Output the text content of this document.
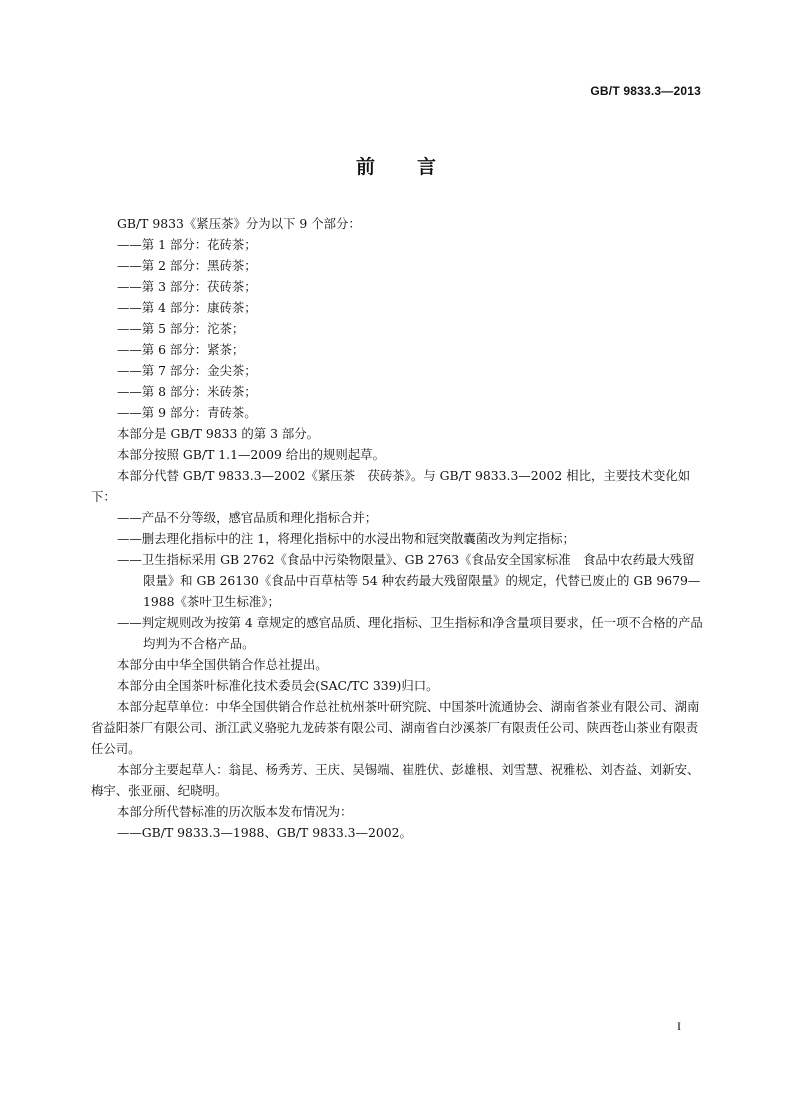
GB/T 9833.3—2013
前言

GB/T 9833《紧压茶》分为以下 9 个部分：

——第 1 部分：花砖茶；

——第 2 部分：黑砖茶；

——第 3 部分：茯砖茶；

——第 4 部分：康砖茶；

——第 5 部分：沱茶；

——第 6 部分：紧茶；

——第 7 部分：金尖茶；

——第 8 部分：米砖茶；

——第 9 部分：青砖茶。

本部分是 GB/T 9833 的第 3 部分。

本部分按照 GB/T 1.1—2009 给出的规则起草。

本部分代替 GB/T 9833.3—2002《紧压茶　茯砖茶》。与 GB/T 9833.3—2002 相比，主要技术变化如下：

——产品不分等级，感官品质和理化指标合并；

——删去理化指标中的注 1，将理化指标中的水浸出物和冠突散囊菌改为判定指标；

——卫生指标采用 GB 2762《食品中污染物限量》、GB 2763《食品安全国家标准　食品中农药最大残留限量》和 GB 26130《食品中百草枯等 54 种农药最大残留限量》的规定，代替已废止的 GB 9679—1988《茶叶卫生标准》；

——判定规则改为按第 4 章规定的感官品质、理化指标、卫生指标和净含量项目要求，任一项不合格的产品均判为不合格产品。

本部分由中华全国供销合作总社提出。

本部分由全国茶叶标准化技术委员会(SAC/TC 339)归口。

本部分起草单位：中华全国供销合作总社杭州茶叶研究院、中国茶叶流通协会、湖南省茶业有限公司、湖南省益阳茶厂有限公司、浙江武义骆驼九龙砖茶有限公司、湖南省白沙溪茶厂有限责任公司、陕西苍山茶业有限责任公司。

本部分主要起草人：翁昆、杨秀芳、王庆、吴锡端、崔胜伏、彭雄根、刘雪慧、祝雅松、刘杏益、刘新安、梅宇、张亚丽、纪晓明。

本部分所代替标准的历次版本发布情况为：

——GB/T 9833.3—1988、GB/T 9833.3—2002。

I
